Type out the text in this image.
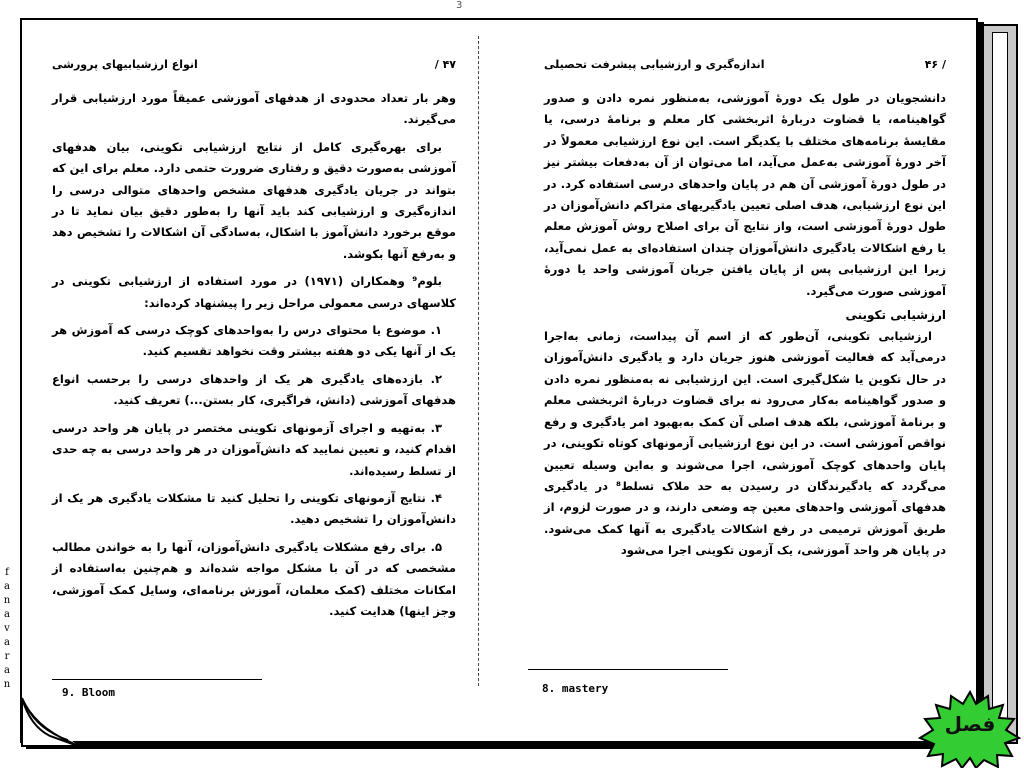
3
انواع ارزشیابیهای پرورشی	/ ۴۷

وهر بار تعداد محدودی از هدفهای آموزشی عمیقاً مورد ارزشیابی قرار می‌گیرند.

برای بهره‌گیری کامل از نتایج ارزشیابی تکوینی، بیان هدفهای آموزشی به‌صورت دقیق و رفتاری ضرورت حتمی دارد. معلم برای این که بتواند در جریان یادگیری هدفهای مشخص واحدهای متوالی درسی را اندازه‌گیری و ارزشیابی کند باید آنها را به‌طور دقیق بیان نماید تا در موقع برخورد دانش‌آموز با اشکال، به‌سادگی آن اشکالات را تشخیص دهد و به‌رفع آنها بکوشد.

بلوم⁹ وهمکاران (۱۹۷۱) در مورد استفاده از ارزشیابی تکوینی در کلاسهای درسی معمولی مراحل زیر را پیشنهاد کرده‌اند:

۱. موضوع یا محتوای درس را به‌واحدهای کوچک درسی که آموزش هر یک از آنها یکی دو هفته بیشتر وقت نخواهد تقسیم کنید.

۲. بازده‌های یادگیری هر یک از واحدهای درسی را برحسب انواع هدفهای آموزشی (دانش، فراگیری، کار بستن...) تعریف کنید.

۳. به‌تهیه و اجرای آزمونهای تکوینی مختصر در پایان هر واحد درسی اقدام کنید، و تعیین نمایید که دانش‌آموزان در هر واحد درسی به چه حدی از تسلط رسیده‌اند.

۴. نتایج آزمونهای تکوینی را تحلیل کنید تا مشکلات یادگیری هر یک از دانش‌آموزان را تشخیص دهید.

۵. برای رفع مشکلات یادگیری دانش‌آموزان، آنها را به خواندن مطالب مشخصی که در آن با مشکل مواجه شده‌اند و هم‌چنین به‌استفاده از امکانات مختلف (کمک معلمان، آموزش برنامه‌ای، وسایل کمک آموزشی، وجز اینها) هدایت کنید.

9. Bloom
اندازه‌گیری و ارزشیابی پیشرفت تحصیلی	۴۶ /

دانشجویان در طول یک دورهٔ آموزشی، به‌منظور نمره دادن و صدور گواهینامه، یا قضاوت دربارهٔ اثربخشی کار معلم و برنامهٔ درسی، یا مقایسهٔ برنامه‌های مختلف با یکدیگر است. این نوع ارزشیابی معمولاً در آخر دورهٔ آموزشی به‌عمل می‌آید، اما می‌توان از آن به‌دفعات بیشتر نیز در طول دورهٔ آموزشی آن هم در پایان واحدهای درسی استفاده کرد. در این نوع ارزشیابی، هدف اصلی تعیین یادگیریهای متراکم دانش‌آموزان در طول دورهٔ آموزشی است، واز نتایج آن برای اصلاح روش آموزش معلم یا رفع اشکالات یادگیری دانش‌آموزان چندان استفاده‌ای به عمل نمی‌آید، زیرا این ارزشیابی پس از پایان یافتن جریان آموزشی واحد یا دورهٔ آموزشی صورت می‌گیرد.

ارزشیابی تکوینی

ارزشیابی تکوینی، آن‌طور که از اسم آن پیداست، زمانی به‌اجرا درمی‌آید که فعالیت آموزشی هنوز جریان دارد و یادگیری دانش‌آموزان در حال تکوین یا شکل‌گیری است. این ارزشیابی نه به‌منظور نمره دادن و صدور گواهینامه به‌کار می‌رود نه برای قضاوت دربارهٔ اثربخشی معلم و برنامهٔ آموزشی، بلکه هدف اصلی آن کمک به‌بهبود امر یادگیری و رفع نواقص آموزشی است. در این نوع ارزشیابی آزمونهای کوتاه تکوینی، در پایان واحدهای کوچک آموزشی، اجرا می‌شوند و به‌این وسیله تعیین می‌گردد که یادگیرندگان در رسیدن به حد ملاک تسلط⁸ در یادگیری هدفهای آموزشی واحدهای معین چه وضعی دارند، و در صورت لزوم، از طریق آموزش ترمیمی در رفع اشکالات یادگیری به آنها کمک می‌شود. در پایان هر واحد آموزشی، یک آزمون تکوینی اجرا می‌شود

8. mastery
f
a
n
a
v
a
r
a
n
فصل
